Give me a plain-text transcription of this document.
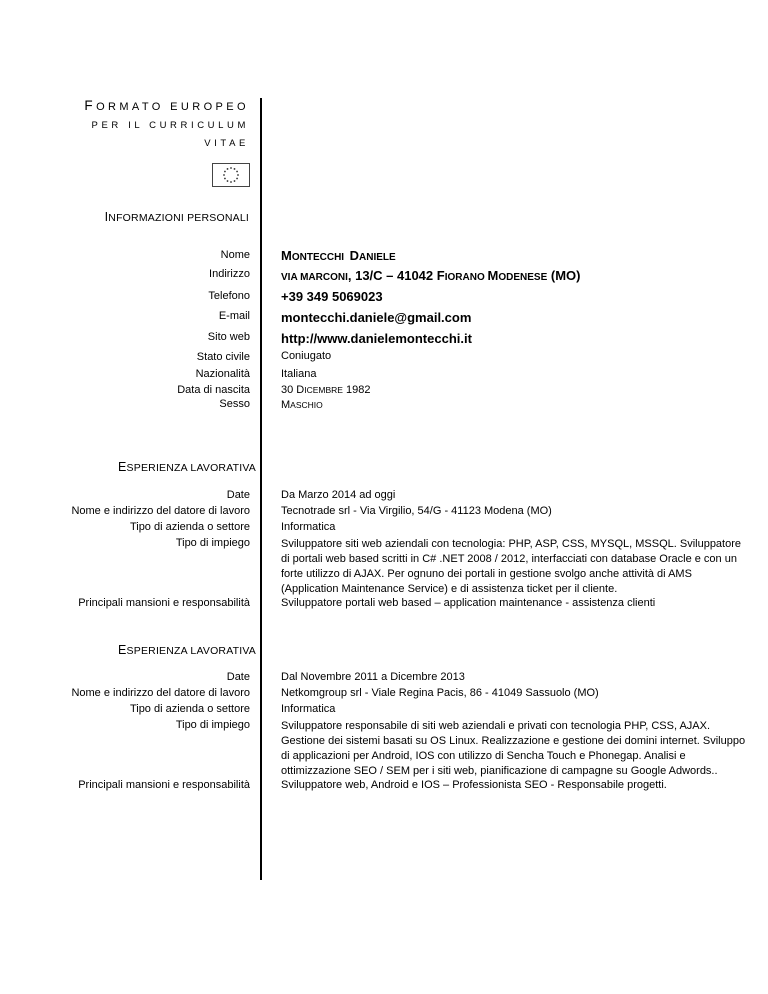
FORMATO EUROPEO
PER IL CURRICULUM
VITAE
INFORMAZIONI PERSONALI
Nome MONTECCHI DANIELE
Indirizzo	VIA MARCONI, 13/C – 41042 FIORANO MODENESE (MO)
Telefono +39 349 5069023
E-mail montecchi.daniele@gmail.com
Sito web http://www.danielemontecchi.it
Stato civile	Coniugato
Nazionalità	Italiana
Data di nascita	30 DICEMBRE 1982
Sesso	MASCHIO
ESPERIENZA LAVORATIVA
Date	Da Marzo 2014 ad oggi
Nome e indirizzo del datore di lavoro	Tecnotrade srl - Via Virgilio, 54/G - 41123 Modena (MO)
Tipo di azienda o settore	Informatica
Tipo di impiego	Sviluppatore siti web aziendali con tecnologia: PHP, ASP, CSS, MYSQL, MSSQL. Sviluppatore di portali web based scritti in C# .NET 2008 / 2012, interfacciati con database Oracle e con un forte utilizzo di AJAX. Per ognuno dei portali in gestione svolgo anche attività di AMS (Application Maintenance Service) e di assistenza ticket per il cliente.
Principali mansioni e responsabilità	Sviluppatore portali web based – application maintenance - assistenza clienti
ESPERIENZA LAVORATIVA
Date	Dal Novembre 2011 a Dicembre 2013
Nome e indirizzo del datore di lavoro	Netkomgroup srl - Viale Regina Pacis, 86 - 41049 Sassuolo (MO)
Tipo di azienda o settore	Informatica
Tipo di impiego	Sviluppatore responsabile di siti web aziendali e privati con tecnologia PHP, CSS, AJAX. Gestione dei sistemi basati su OS Linux. Realizzazione e gestione dei domini internet. Sviluppo di applicazioni per Android, IOS con utilizzo di Sencha Touch e Phonegap. Analisi e ottimizzazione SEO / SEM per i siti web, pianificazione di campagne su Google Adwords..
Principali mansioni e responsabilità	Sviluppatore web, Android e IOS – Professionista SEO - Responsabile progetti.
